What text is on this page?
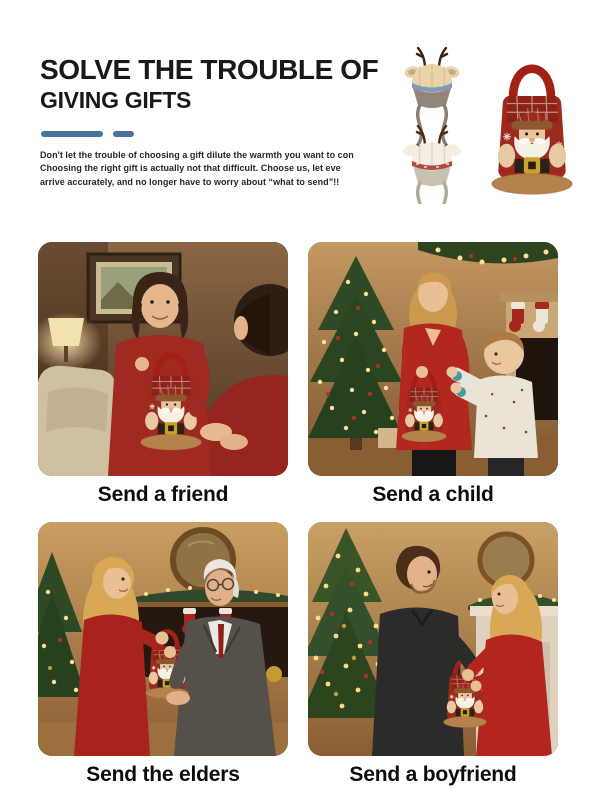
SOLVE THE TROUBLE OF
GIVING GIFTS
Don't let the trouble of choosing a gift dilute the warmth you want to con
Choosing the right gift is actually not that difficult. Choose us, let eve
arrive accurately, and no longer have to worry about “what to send”!!
Send a friend	Send a child
Send the elders	Send a boyfriend
